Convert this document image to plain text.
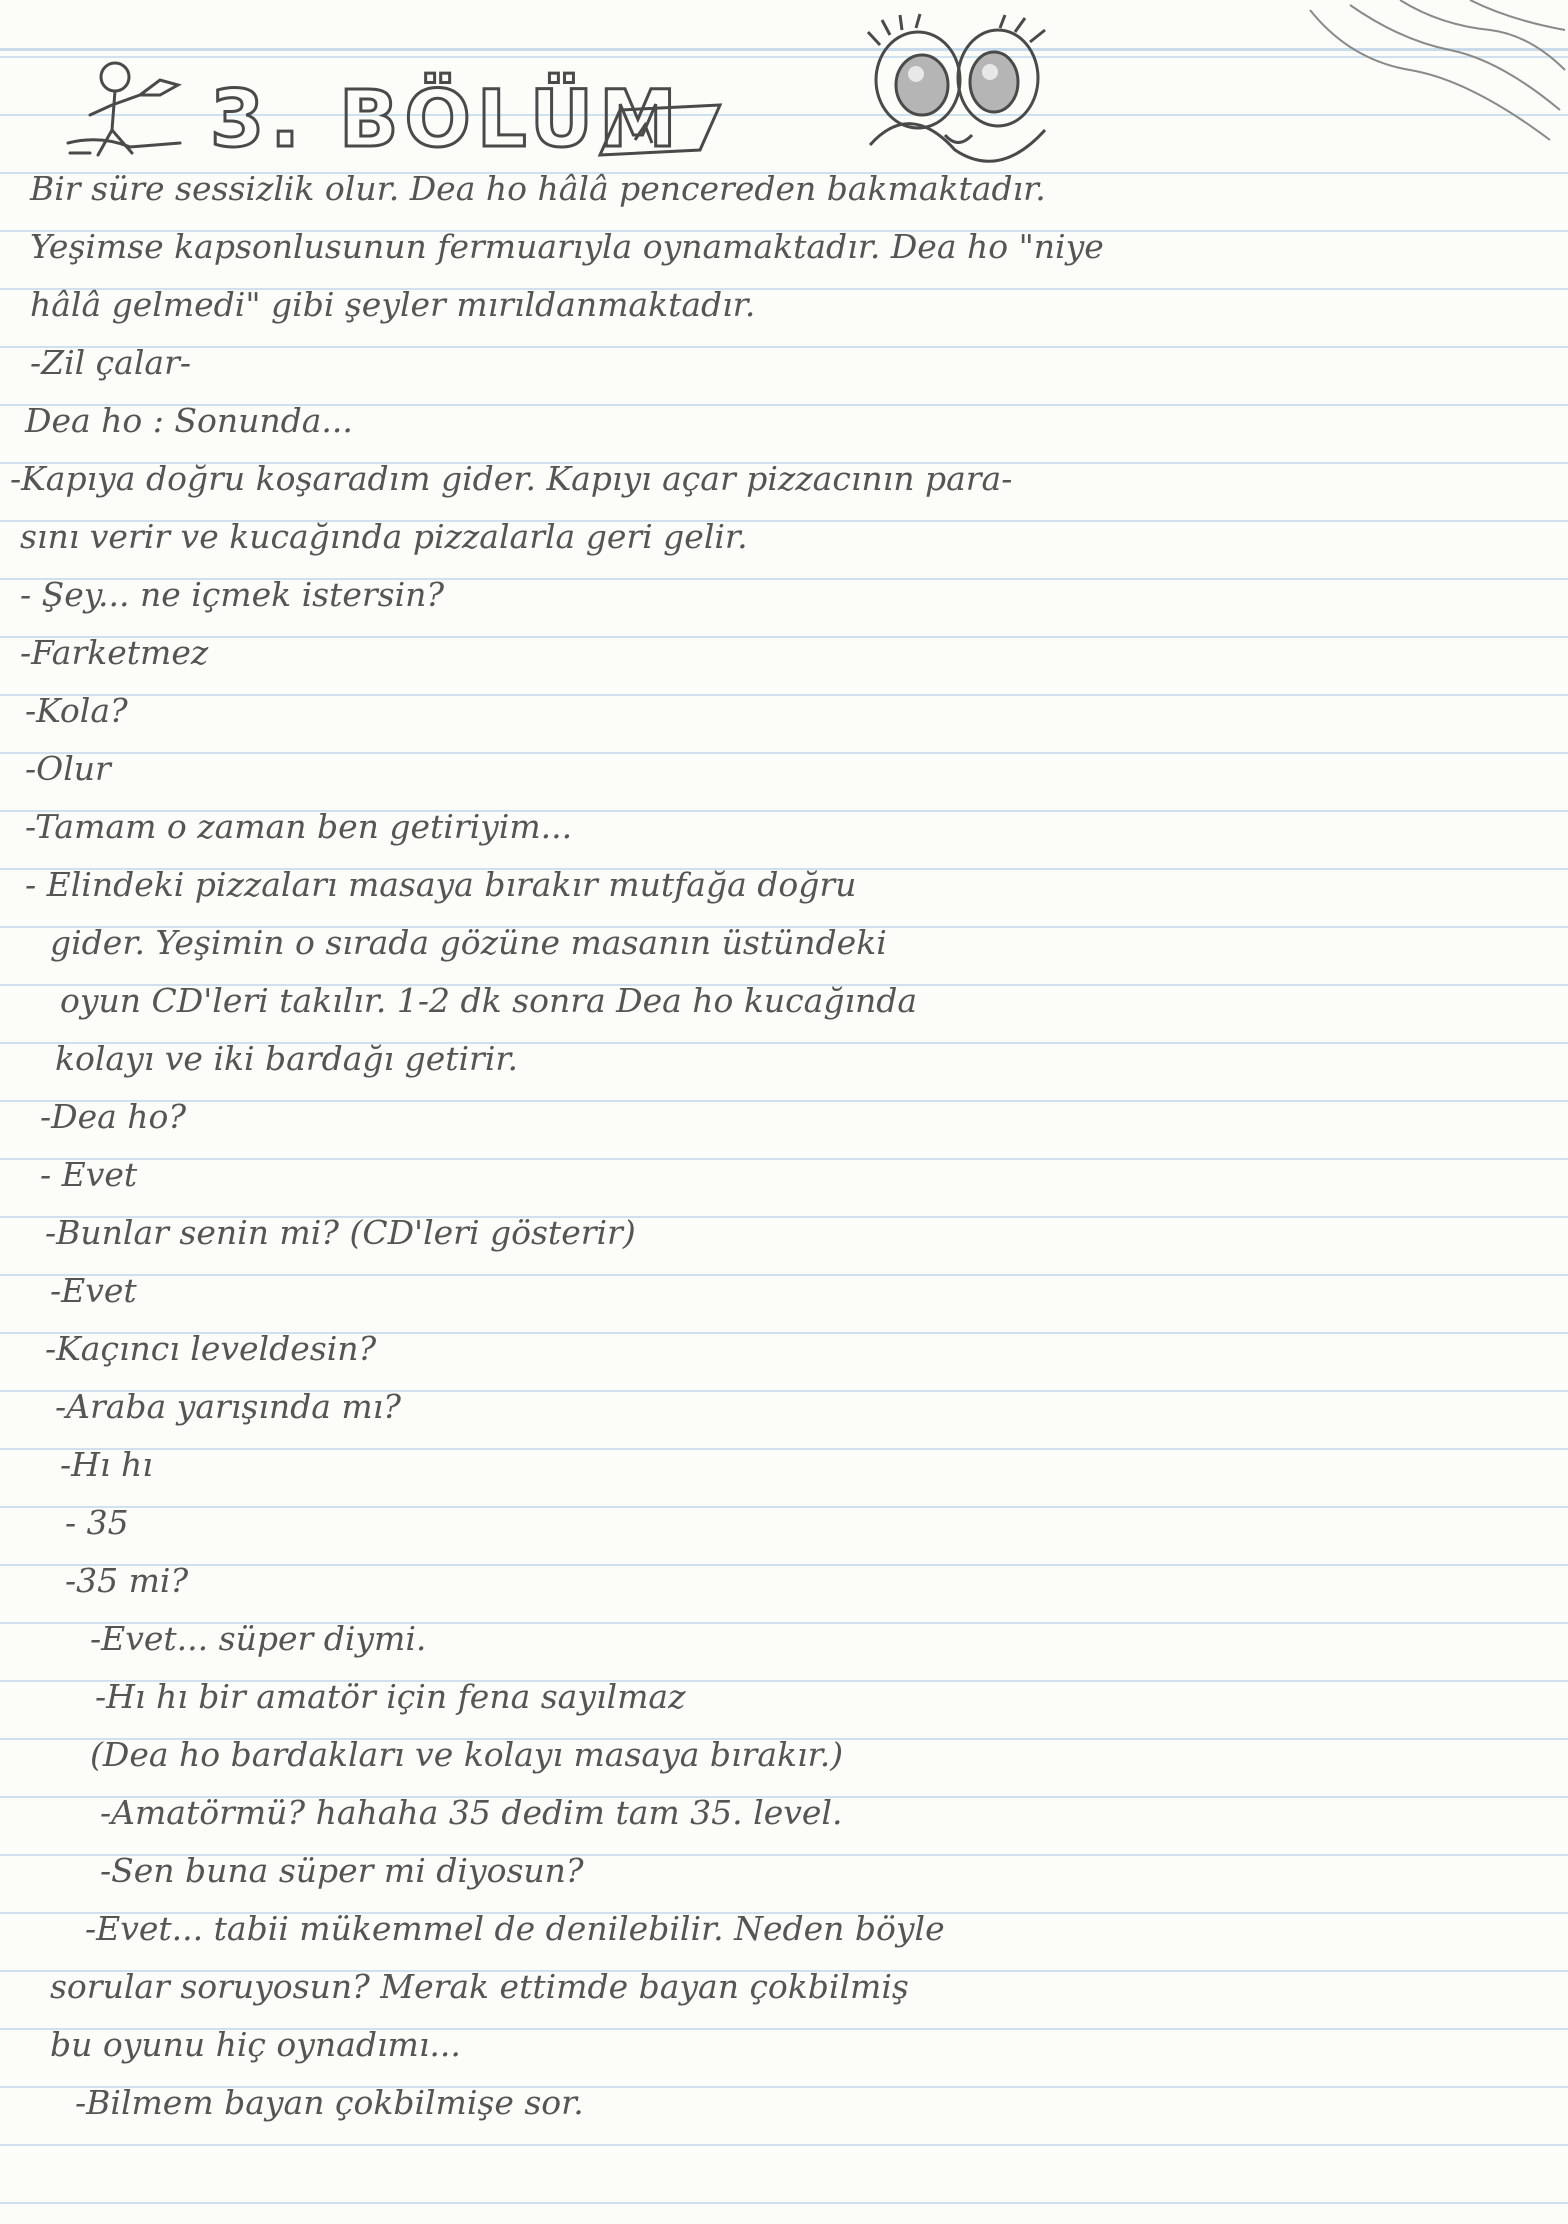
3. BÖLÜM
Bir süre sessizlik olur. Dea ho hâlâ pencereden bakmaktadır.
Yeşimse kapsonlusunun fermuarıyla oynamaktadır. Dea ho "niye
hâlâ gelmedi" gibi şeyler mırıldanmaktadır.
-Zil çalar-
Dea ho : Sonunda...
-Kapıya doğru koşaradım gider. Kapıyı açar pizzacının para-
sını verir ve kucağında pizzalarla geri gelir.
- Şey... ne içmek istersin?
-Farketmez
-Kola?
-Olur
-Tamam o zaman ben getiriyim...
- Elindeki pizzaları masaya bırakır mutfağa doğru
gider. Yeşimin o sırada gözüne masanın üstündeki
oyun CD'leri takılır. 1-2 dk sonra Dea ho kucağında
kolayı ve iki bardağı getirir.
-Dea ho?
- Evet
-Bunlar senin mi? (CD'leri gösterir)
-Evet
-Kaçıncı leveldesin?
-Araba yarışında mı?
-Hı hı
- 35
-35 mi?
-Evet... süper diymi.
-Hı hı bir amatör için fena sayılmaz
(Dea ho bardakları ve kolayı masaya bırakır.)
-Amatörmü? hahaha 35 dedim tam 35. level.
-Sen buna süper mi diyosun?
-Evet... tabii mükemmel de denilebilir. Neden böyle
sorular soruyosun? Merak ettimde bayan çokbilmiş
bu oyunu hiç oynadımı...
-Bilmem bayan çokbilmişe sor.
